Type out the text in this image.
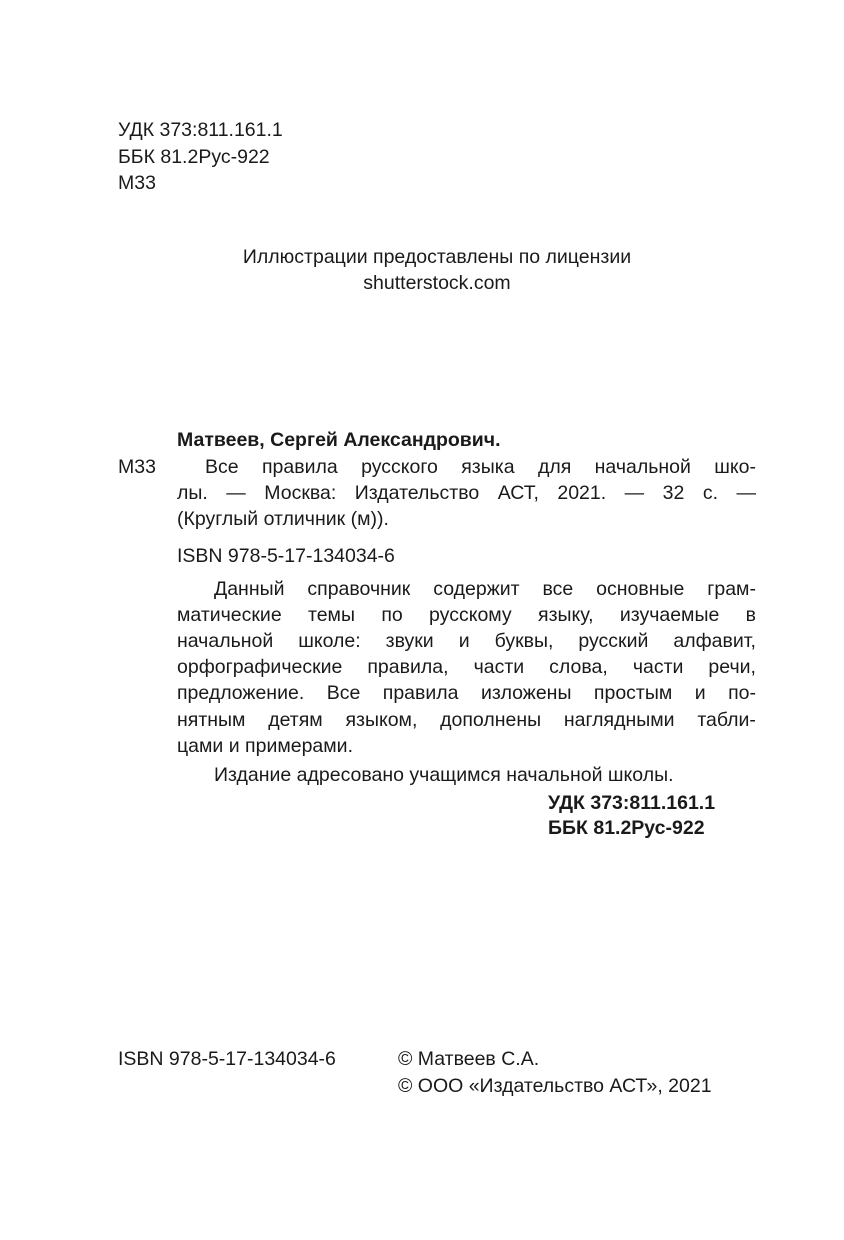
УДК 373:811.161.1
ББК 81.2Рус-922
М33
Иллюстрации предоставлены по лицензии
shutterstock.com
Матвеев, Сергей Александрович.
М33	Все правила русского языка для начальной шко-
лы. — Москва: Издательство АСТ, 2021. — 32 с. —
(Круглый отличник (м)).
ISBN 978-5-17-134034-6
Данный справочник содержит все основные грам-
матические темы по русскому языку, изучаемые в
начальной школе: звуки и буквы, русский алфавит,
орфографические правила, части слова, части речи,
предложение. Все правила изложены простым и по-
нятным детям языком, дополнены наглядными табли-
цами и примерами.
Издание адресовано учащимся начальной школы.
УДК 373:811.161.1
ББК 81.2Рус-922
ISBN 978-5-17-134034-6	© Матвеев С.А.
© ООО «Издательство АСТ», 2021
